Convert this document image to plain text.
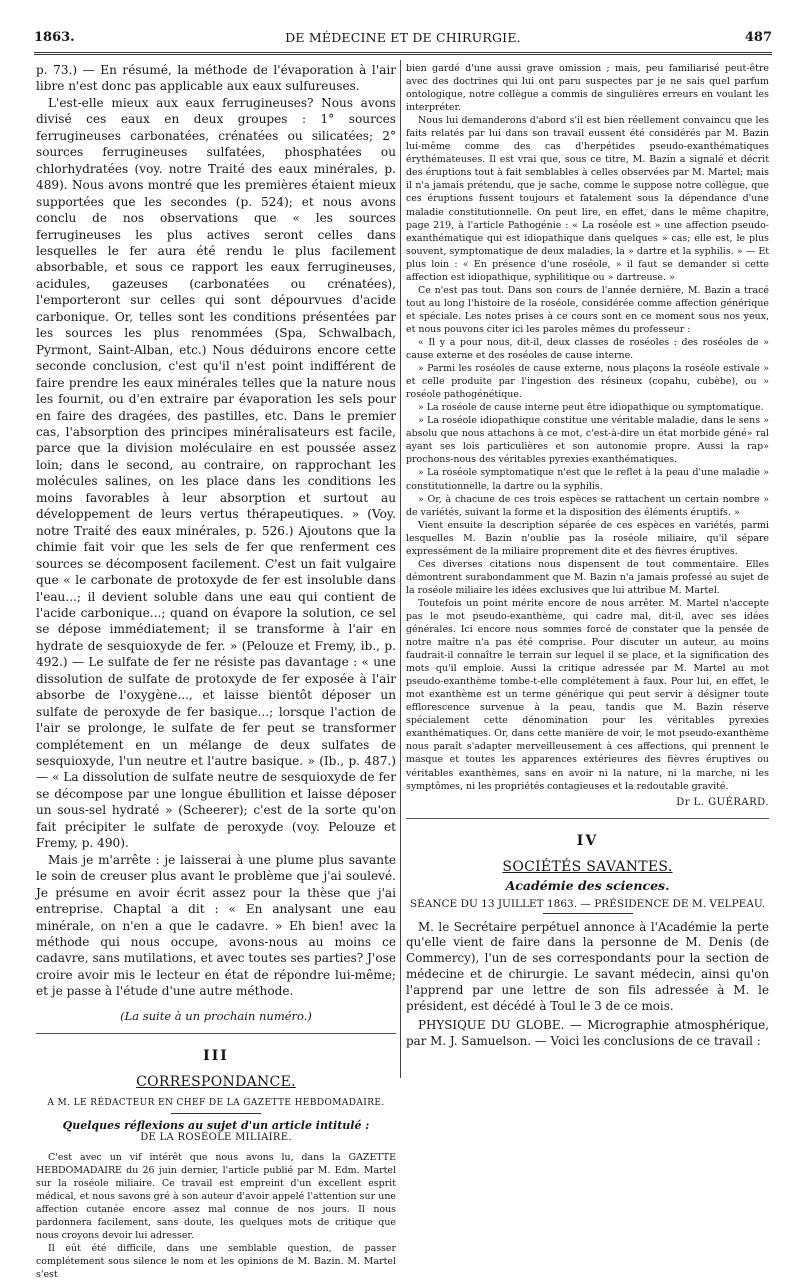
1863.	DE MÉDECINE ET DE CHIRURGIE.	487

p. 73.) — En résumé, la méthode de l'évaporation à l'air libre n'est donc pas applicable aux eaux sulfureuses.

L'est-elle mieux aux eaux ferrugineuses? Nous avons divisé ces eaux en deux groupes : 1° sources ferrugineuses carbonatées, crénatées ou silicatées; 2° sources ferrugineuses sulfatées, phosphatées ou chlorhydratées (voy. notre Traité des eaux minérales, p. 489). Nous avons montré que les premières étaient mieux supportées que les secondes (p. 524); et nous avons conclu de nos observations que « les sources ferrugineuses les plus actives seront celles dans lesquelles le fer aura été rendu le plus facilement absorbable, et sous ce rapport les eaux ferrugineuses, acidules, gazeuses (carbonatées ou crénatées), l'emporteront sur celles qui sont dépourvues d'acide carbonique. Or, telles sont les conditions présentées par les sources les plus renommées (Spa, Schwalbach, Pyrmont, Saint-Alban, etc.) Nous déduirons encore cette seconde conclusion, c'est qu'il n'est point indifférent de faire prendre les eaux minérales telles que la nature nous les fournit, ou d'en extraire par évaporation les sels pour en faire des dragées, des pastilles, etc. Dans le premier cas, l'absorption des principes minéralisateurs est facile, parce que la division moléculaire en est poussée assez loin; dans le second, au contraire, on rapprochant les molécules salines, on les place dans les conditions les moins favorables à leur absorption et surtout au développement de leurs vertus thérapeutiques. » (Voy. notre Traité des eaux minérales, p. 526.) Ajoutons que la chimie fait voir que les sels de fer que renferment ces sources se décomposent facilement. C'est un fait vulgaire que « le carbonate de protoxyde de fer est insoluble dans l'eau...; il devient soluble dans une eau qui contient de l'acide carbonique...; quand on évapore la solution, ce sel se dépose immédiatement; il se transforme à l'air en hydrate de sesquioxyde de fer. » (Pelouze et Fremy, ib., p. 492.) — Le sulfate de fer ne résiste pas davantage : « une dissolution de sulfate de protoxyde de fer exposée à l'air absorbe de l'oxygène..., et laisse bientôt déposer un sulfate de peroxyde de fer basique...; lorsque l'action de l'air se prolonge, le sulfate de fer peut se transformer complétement en un mélange de deux sulfates de sesquioxyde, l'un neutre et l'autre basique. » (Ib., p. 487.) — « La dissolution de sulfate neutre de sesquioxyde de fer se décompose par une longue ébullition et laisse déposer un sous-sel hydraté » (Scheerer); c'est de la sorte qu'on fait précipiter le sulfate de peroxyde (voy. Pelouze et Fremy, p. 490).

Mais je m'arrête : je laisserai à une plume plus savante le soin de creuser plus avant le problème que j'ai soulevé. Je présume en avoir écrit assez pour la thèse que j'ai entreprise. Chaptal a dit : « En analysant une eau minérale, on n'en a que le cadavre. » Eh bien! avec la méthode qui nous occupe, avons-nous au moins ce cadavre, sans mutilations, et avec toutes ses parties? J'ose croire avoir mis le lecteur en état de répondre lui-même; et je passe à l'étude d'une autre méthode.

(La suite à un prochain numéro.)
III
CORRESPONDANCE.
A M. LE RÉDACTEUR EN CHEF DE LA GAZETTE HEBDOMADAIRE.
Quelques réflexions au sujet d'un article intitulé :
DE LA ROSÉOLE MILIAIRE.

C'est avec un vif intérêt que nous avons lu, dans la GAZETTE HEBDOMADAIRE du 26 juin dernier, l'article publié par M. Edm. Martel sur la roséole miliaire. Ce travail est empreint d'un excellent esprit médical, et nous savons gré à son auteur d'avoir appelé l'attention sur une affection cutanée encore assez mal connue de nos jours. Il nous pardonnera facilement, sans doute, les quelques mots de critique que nous croyons devoir lui adresser.

Il eût été difficile, dans une semblable question, de passer complétement sous silence le nom et les opinions de M. Bazin. M. Martel s'est

bien gardé d'une aussi grave omission ; mais, peu familiarisé peut-être avec des doctrines qui lui ont paru suspectes par je ne sais quel parfum ontologique, notre collègue a commis de singulières erreurs en voulant les interpréter.

Nous lui demanderons d'abord s'il est bien réellement convaincu que les faits relatés par lui dans son travail eussent été considérés par M. Bazin lui-même comme des cas d'herpétides pseudo-exanthématiques érythémateuses. Il est vrai que, sous ce titre, M. Bazin a signalé et décrit des éruptions tout à fait semblables à celles observées par M. Martel; mais il n'a jamais prétendu, que je sache, comme le suppose notre collègue, que ces éruptions fussent toujours et fatalement sous la dépendance d'une maladie constitutionnelle. On peut lire, en effet, dans le même chapitre, page 219, à l'article Pathogénie : « La roséole est » une affection pseudo-exanthématique qui est idiopathique dans quelques » cas; elle est, le plus souvent, symptomatique de deux maladies, la » dartre et la syphilis. » — Et plus loin : « En présence d'une roséole, » il faut se demander si cette affection est idiopathique, syphilitique ou » dartreuse. »

Ce n'est pas tout. Dans son cours de l'année dernière, M. Bazin a tracé tout au long l'histoire de la roséole, considérée comme affection générique et spéciale. Les notes prises à ce cours sont en ce moment sous nos yeux, et nous pouvons citer ici les paroles mêmes du professeur :

« Il y a pour nous, dit-il, deux classes de roséoles : des roséoles de » cause externe et des roséoles de cause interne.

» Parmi les roséoles de cause externe, nous plaçons la roséole estivale » et celle produite par l'ingestion des résineux (copahu, cubèbe), ou » roséole pathogénétique.

» La roséole de cause interne peut être idiopathique ou symptomatique.

» La roséole idiopathique constitue une véritable maladie, dans le sens » absolu que nous attachons à ce mot, c'est-à-dire un état morbide géné» ral ayant ses lois particulières et son autonomie propre. Aussi la rap» prochons-nous des véritables pyrexies exanthématiques.

» La roséole symptomatique n'est que le reflet à la peau d'une maladie » constitutionnelle, la dartre ou la syphilis.

» Or, à chacune de ces trois espèces se rattachent un certain nombre » de variétés, suivant la forme et la disposition des éléments éruptifs. »

Vient ensuite la description séparée de ces espèces en variétés, parmi lesquelles M. Bazin n'oublie pas la roséole miliaire, qu'il sépare expressément de la miliaire proprement dite et des fièvres éruptives.

Ces diverses citations nous dispensent de tout commentaire. Elles démontrent surabondamment que M. Bazin n'a jamais professé au sujet de la roséole miliaire les idées exclusives que lui attribue M. Martel.

Toutefois un point mérite encore de nous arrêter. M. Martel n'accepte pas le mot pseudo-exanthème, qui cadre mal, dit-il, avec ses idées générales. Ici encore nous sommes forcé de constater que la pensée de notre maître n'a pas été comprise. Pour discuter un auteur, au moins faudrait-il connaître le terrain sur lequel il se place, et la signification des mots qu'il emploie. Aussi la critique adressée par M. Martel au mot pseudo-exanthème tombe-t-elle complétement à faux. Pour lui, en effet, le mot exanthème est un terme générique qui peut servir à désigner toute efflorescence survenue à la peau, tandis que M. Bazin réserve spécialement cette dénomination pour les véritables pyrexies exanthématiques. Or, dans cette manière de voir, le mot pseudo-exanthème nous paraît s'adapter merveilleusement à ces affections, qui prennent le masque et toutes les apparences extérieures des fièvres éruptives ou véritables exanthèmes, sans en avoir ni la nature, ni la marche, ni les symptômes, ni les propriétés contagieuses et la redoutable gravité.

Dr L. GUÉRARD.
IV
SOCIÉTÉS SAVANTES.
Académie des sciences.
SÉANCE DU 13 JUILLET 1863. — PRÉSIDENCE DE M. VELPEAU.

M. le Secrétaire perpétuel annonce à l'Académie la perte qu'elle vient de faire dans la personne de M. Denis (de Commercy), l'un de ses correspondants pour la section de médecine et de chirurgie. Le savant médecin, ainsi qu'on l'apprend par une lettre de son fils adressée à M. le président, est décédé à Toul le 3 de ce mois.

PHYSIQUE DU GLOBE. — Micrographie atmosphérique, par M. J. Samuelson. — Voici les conclusions de ce travail :
